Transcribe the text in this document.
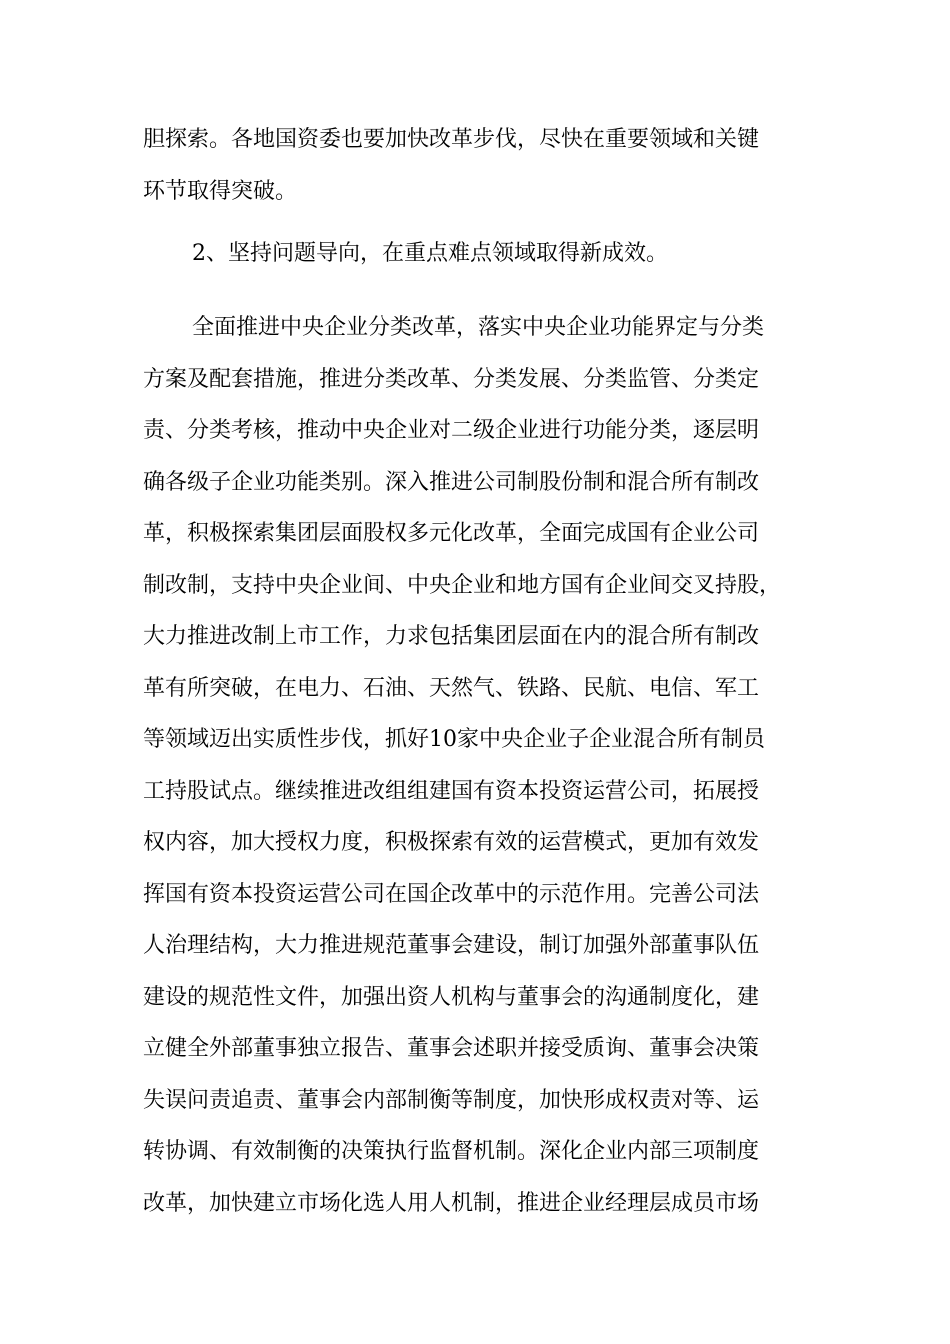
胆探索。各地国资委也要加快改革步伐，尽快在重要领域和关键
环节取得突破。
2、坚持问题导向，在重点难点领域取得新成效。
全面推进中央企业分类改革，落实中央企业功能界定与分类
方案及配套措施，推进分类改革、分类发展、分类监管、分类定
责、分类考核，推动中央企业对二级企业进行功能分类，逐层明
确各级子企业功能类别。深入推进公司制股份制和混合所有制改
革，积极探索集团层面股权多元化改革，全面完成国有企业公司
制改制，支持中央企业间、中央企业和地方国有企业间交叉持股，
大力推进改制上市工作，力求包括集团层面在内的混合所有制改
革有所突破，在电力、石油、天然气、铁路、民航、电信、军工
等领域迈出实质性步伐，抓好10家中央企业子企业混合所有制员
工持股试点。继续推进改组组建国有资本投资运营公司，拓展授
权内容，加大授权力度，积极探索有效的运营模式，更加有效发
挥国有资本投资运营公司在国企改革中的示范作用。完善公司法
人治理结构，大力推进规范董事会建设，制订加强外部董事队伍
建设的规范性文件，加强出资人机构与董事会的沟通制度化，建
立健全外部董事独立报告、董事会述职并接受质询、董事会决策
失误问责追责、董事会内部制衡等制度，加快形成权责对等、运
转协调、有效制衡的决策执行监督机制。深化企业内部三项制度
改革，加快建立市场化选人用人机制，推进企业经理层成员市场
